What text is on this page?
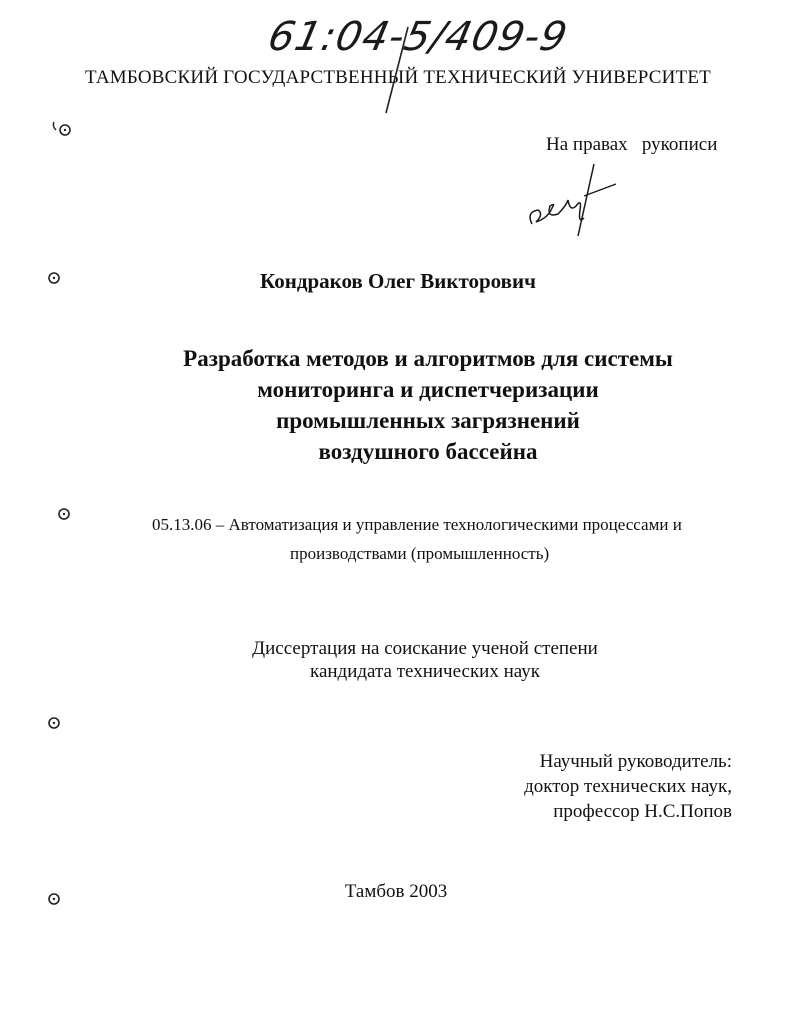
61:04-5/409-9
ТАМБОВСКИЙ ГОСУДАРСТВЕННЫЙ ТЕХНИЧЕСКИЙ УНИВЕРСИТЕТ
На правах   рукописи
Кондраков Олег Викторович
Разработка методов и алгоритмов для системы
мониторинга и диспетчеризации
промышленных загрязнений
воздушного бассейна
05.13.06 – Автоматизация и управление технологическими процессами и
производствами (промышленность)
Диссертация на соискание ученой степени
кандидата технических наук
Научный руководитель:
доктор технических наук,
профессор Н.С.Попов
Тамбов 2003
